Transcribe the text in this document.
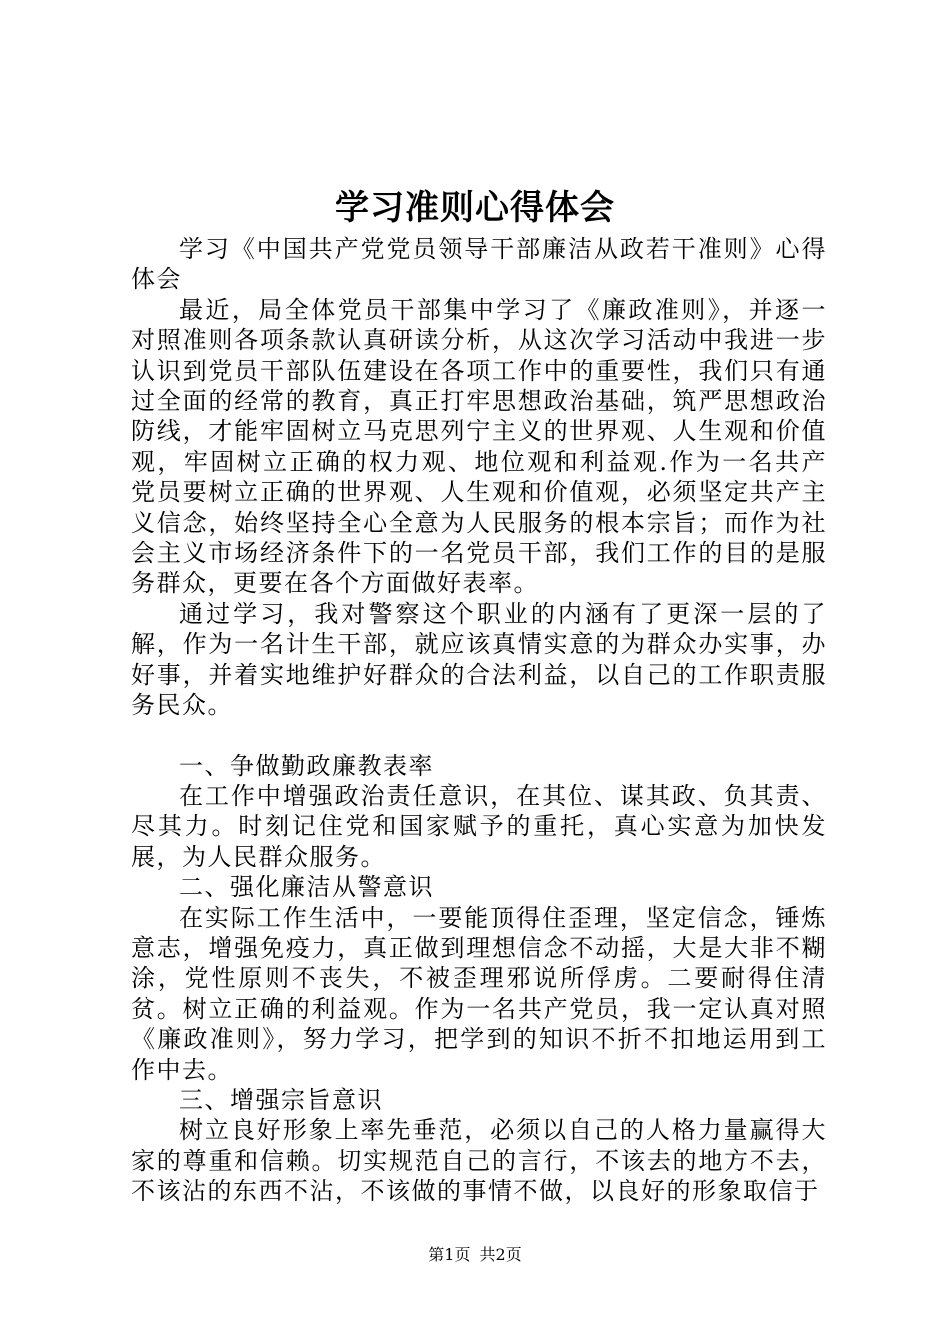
学习准则心得体会

学习《中国共产党党员领导干部廉洁从政若干准则》心得体会

最近，局全体党员干部集中学习了《廉政准则》，并逐一对照准则各项条款认真研读分析，从这次学习活动中我进一步认识到党员干部队伍建设在各项工作中的重要性，我们只有通过全面的经常的教育，真正打牢思想政治基础，筑严思想政治防线，才能牢固树立马克思列宁主义的世界观、人生观和价值观，牢固树立正确的权力观、地位观和利益观.作为一名共产党员要树立正确的世界观、人生观和价值观，必须坚定共产主义信念，始终坚持全心全意为人民服务的根本宗旨；而作为社会主义市场经济条件下的一名党员干部，我们工作的目的是服务群众，更要在各个方面做好表率。

通过学习，我对警察这个职业的内涵有了更深一层的了解，作为一名计生干部，就应该真情实意的为群众办实事，办好事，并着实地维护好群众的合法利益，以自己的工作职责服务民众。

一、争做勤政廉教表率

在工作中增强政治责任意识，在其位、谋其政、负其责、尽其力。时刻记住党和国家赋予的重托，真心实意为加快发展，为人民群众服务。

二、强化廉洁从警意识

在实际工作生活中，一要能顶得住歪理，坚定信念，锤炼意志，增强免疫力，真正做到理想信念不动摇，大是大非不糊涂，党性原则不丧失，不被歪理邪说所俘虏。二要耐得住清贫。树立正确的利益观。作为一名共产党员，我一定认真对照《廉政准则》，努力学习，把学到的知识不折不扣地运用到工作中去。

三、增强宗旨意识

树立良好形象上率先垂范，必须以自己的人格力量赢得大家的尊重和信赖。切实规范自己的言行，不该去的地方不去，不该沾的东西不沾，不该做的事情不做，以良好的形象取信于

第1页 共2页
